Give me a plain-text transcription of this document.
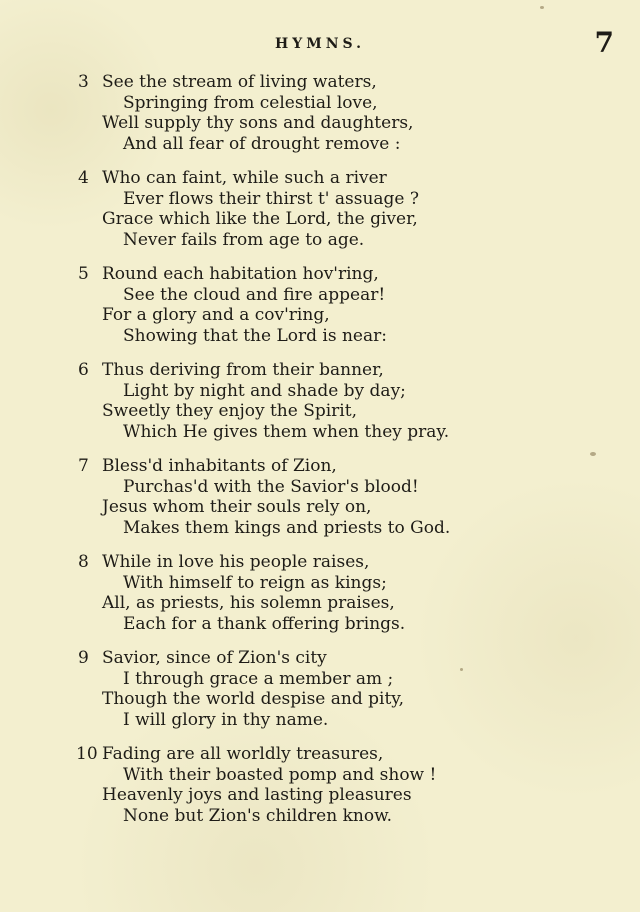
HYMNS.	7
3 See the stream of living waters,
Springing from celestial love,
Well supply thy sons and daughters,
And all fear of drought remove :
4 Who can faint, while such a river
Ever flows their thirst t' assuage ?
Grace which like the Lord, the giver,
Never fails from age to age.
5 Round each habitation hov'ring,
See the cloud and fire appear!
For a glory and a cov'ring,
Showing that the Lord is near:
6 Thus deriving from their banner,
Light by night and shade by day;
Sweetly they enjoy the Spirit,
Which He gives them when they pray.
7 Bless'd inhabitants of Zion,
Purchas'd with the Savior's blood!
Jesus whom their souls rely on,
Makes them kings and priests to God.
8 While in love his people raises,
With himself to reign as kings;
All, as priests, his solemn praises,
Each for a thank offering brings.
9 Savior, since of Zion's city
I through grace a member am ;
Though the world despise and pity,
I will glory in thy name.
10 Fading are all worldly treasures,
With their boasted pomp and show !
Heavenly joys and lasting pleasures
None but Zion's children know.
